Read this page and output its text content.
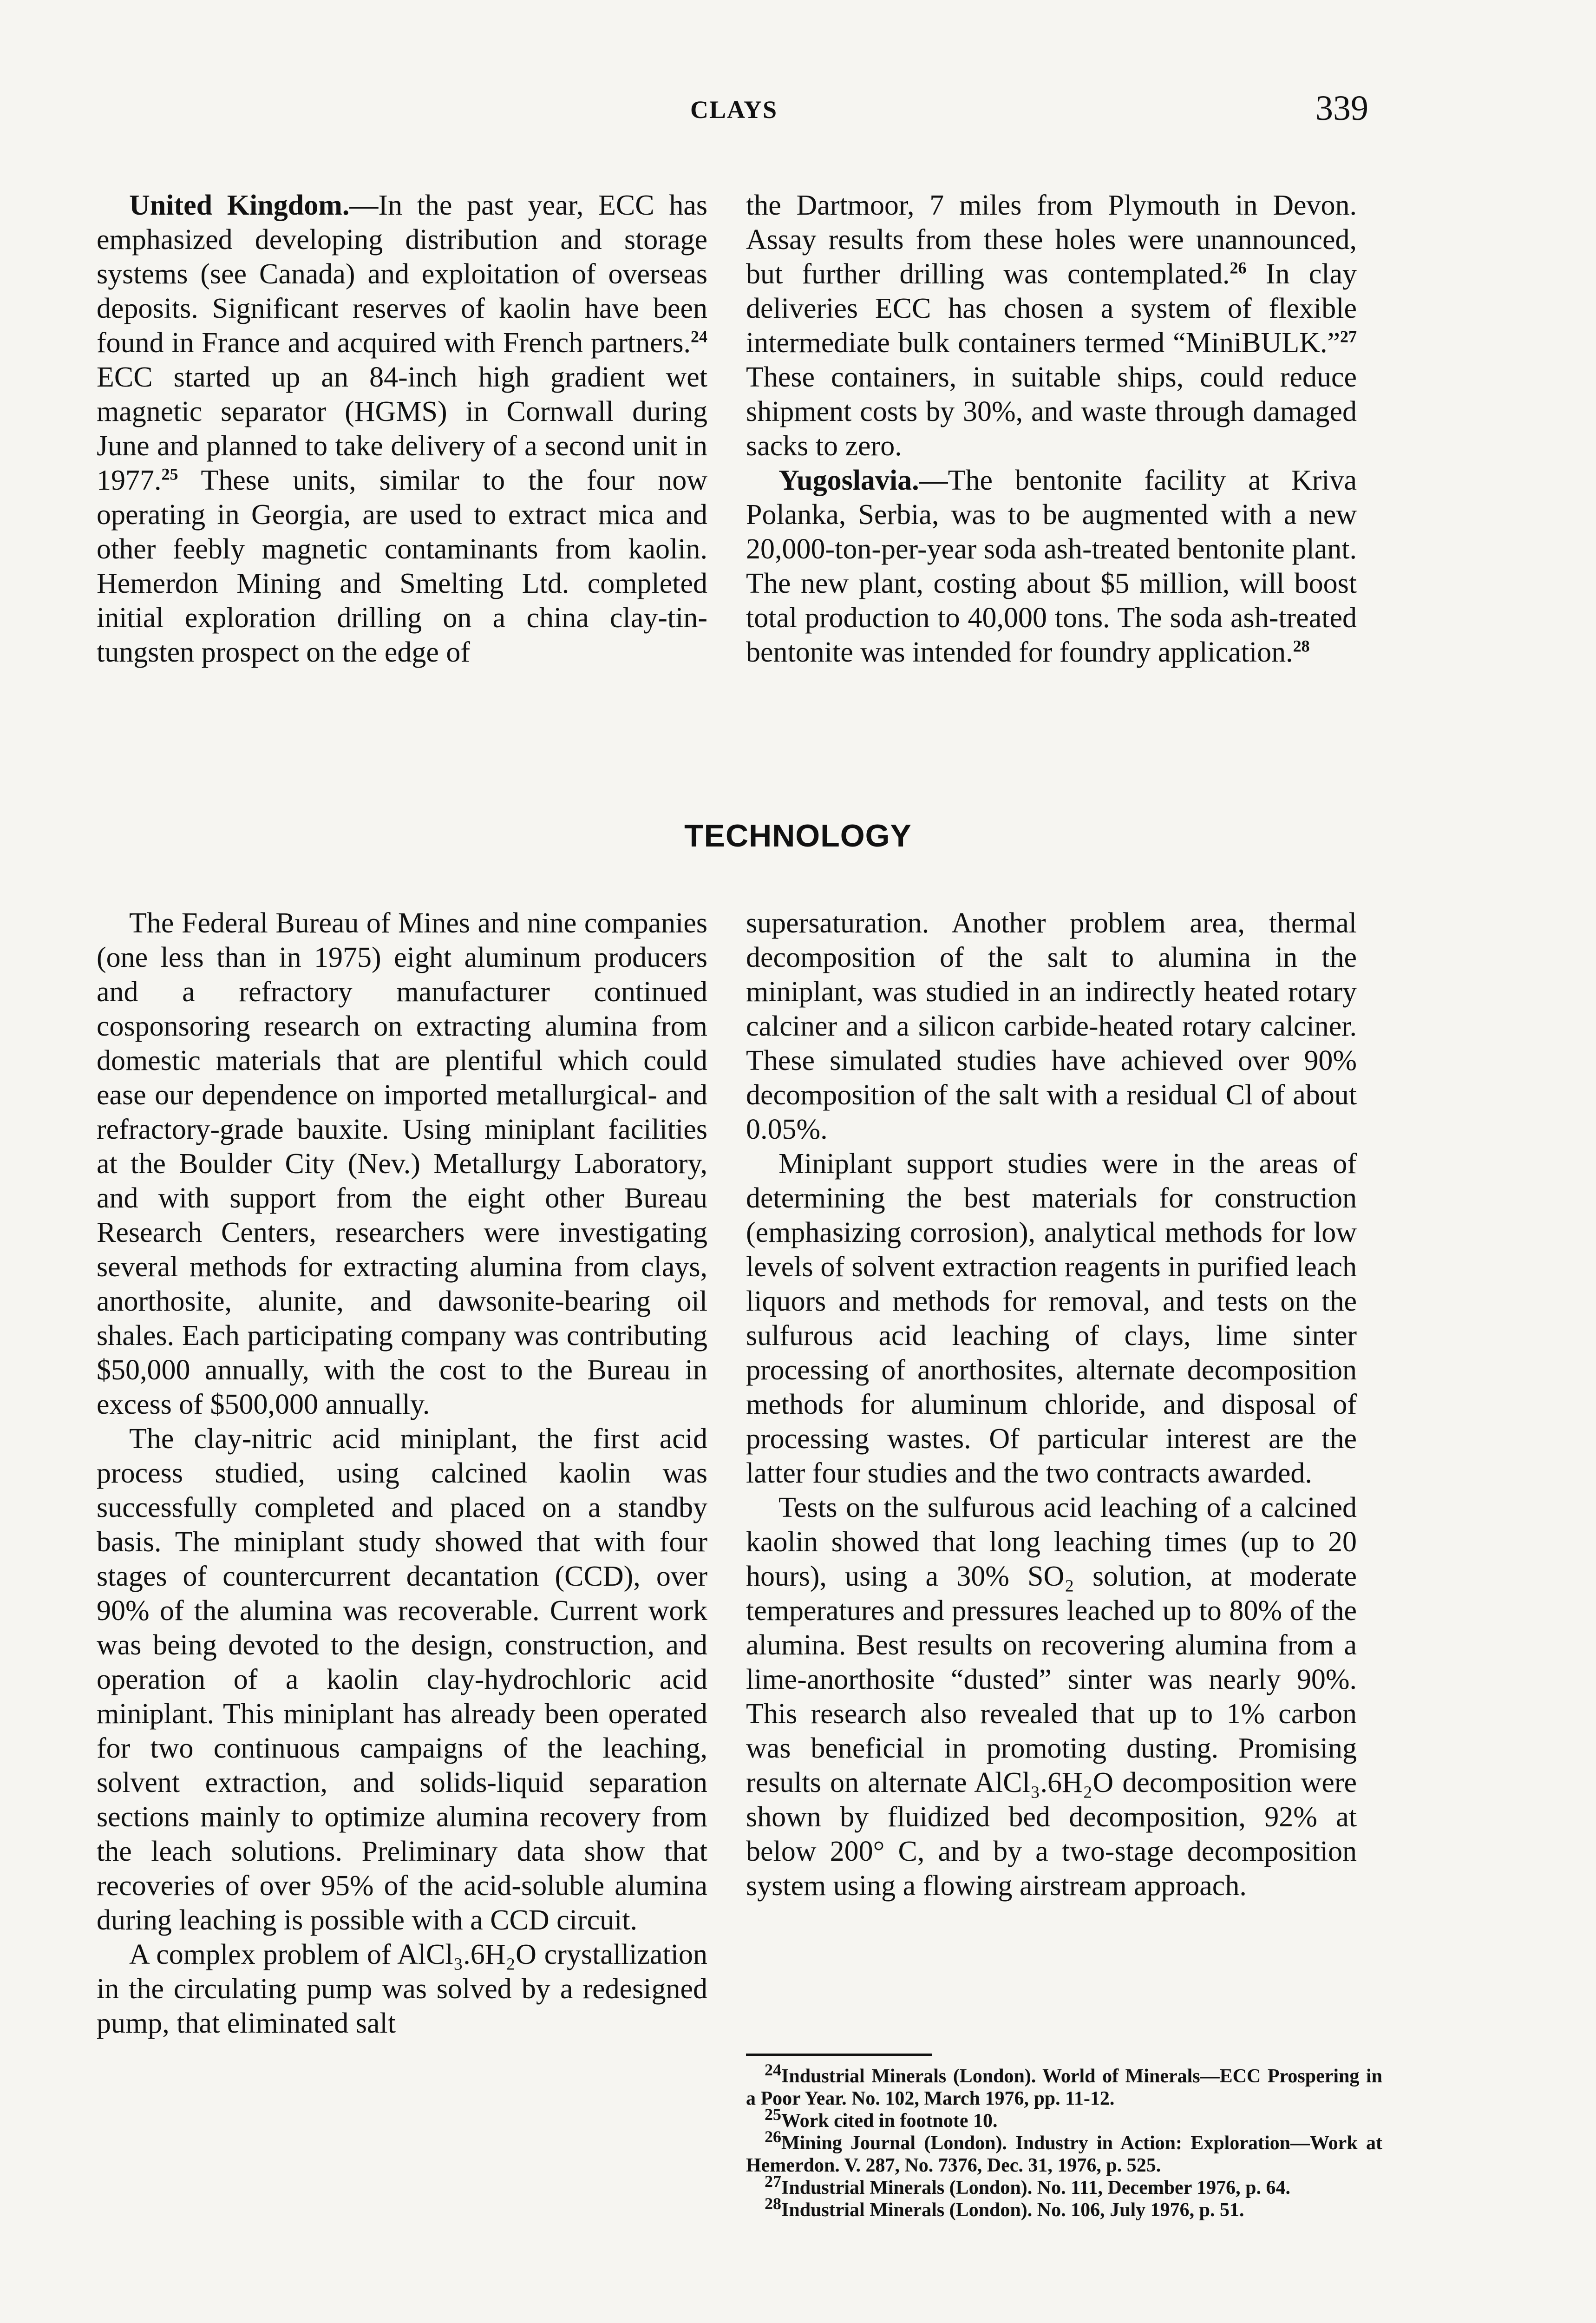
CLAYS	339

United Kingdom.—In the past year, ECC has emphasized developing distribution and storage systems (see Canada) and exploitation of overseas deposits. Significant reserves of kaolin have been found in France and acquired with French partners.$^{24}$ ECC started up an 84-inch high gradient wet magnetic separator (HGMS) in Cornwall during June and planned to take delivery of a second unit in 1977.25 These units, similar to the four now operating in Georgia, are used to extract mica and other feebly magnetic contaminants from kaolin. Hemerdon Mining and Smelting Ltd. completed initial exploration drilling on a china clay-tin-tungsten prospect on the edge of

the Dartmoor, 7 miles from Plymouth in Devon. Assay results from these holes were unannounced, but further drilling was contemplated.$^{26}$ In clay deliveries ECC has chosen a system of flexible intermediate bulk containers termed “MiniBULK.”$^{27}$ These containers, in suitable ships, could reduce shipment costs by 30%, and waste through damaged sacks to zero.

Yugoslavia.—The bentonite facility at Kriva Polanka, Serbia, was to be augmented with a new 20,000-ton-per-year soda ash-treated bentonite plant. The new plant, costing about $5 million, will boost total production to 40,000 tons. The soda ash-treated bentonite was intended for foundry application.$^{28}$

TECHNOLOGY

The Federal Bureau of Mines and nine companies (one less than in 1975) eight aluminum producers and a refractory manufacturer continued cosponsoring research on extracting alumina from domestic materials that are plentiful which could ease our dependence on imported metallurgical- and refractory-grade bauxite. Using miniplant facilities at the Boulder City (Nev.) Metallurgy Laboratory, and with support from the eight other Bureau Research Centers, researchers were investigating several methods for extracting alumina from clays, anorthosite, alunite, and dawsonite-bearing oil shales. Each participating company was contributing $50,000 annually, with the cost to the Bureau in excess of $500,000 annually.

The clay-nitric acid miniplant, the first acid process studied, using calcined kaolin was successfully completed and placed on a standby basis. The miniplant study showed that with four stages of countercurrent decantation (CCD), over 90% of the alumina was recoverable. Current work was being devoted to the design, construction, and operation of a kaolin clay-hydrochloric acid miniplant. This miniplant has already been operated for two continuous campaigns of the leaching, solvent extraction, and solids-liquid separation sections mainly to optimize alumina recovery from the leach solutions. Preliminary data show that recoveries of over 95% of the acid-soluble alumina during leaching is possible with a CCD circuit.

A complex problem of AlCl₃.6H₂O crystallization in the circulating pump was solved by a redesigned pump, that eliminated salt

supersaturation. Another problem area, thermal decomposition of the salt to alumina in the miniplant, was studied in an indirectly heated rotary calciner and a silicon carbide-heated rotary calciner. These simulated studies have achieved over 90% decomposition of the salt with a residual Cl of about 0.05%.

Miniplant support studies were in the areas of determining the best materials for construction (emphasizing corrosion), analytical methods for low levels of solvent extraction reagents in purified leach liquors and methods for removal, and tests on the sulfurous acid leaching of clays, lime sinter processing of anorthosites, alternate decomposition methods for aluminum chloride, and disposal of processing wastes. Of particular interest are the latter four studies and the two contracts awarded.

Tests on the sulfurous acid leaching of a calcined kaolin showed that long leaching times (up to 20 hours), using a 30% SO₂ solution, at moderate temperatures and pressures leached up to 80% of the alumina. Best results on recovering alumina from a lime-anorthosite “dusted” sinter was nearly 90%. This research also revealed that up to 1% carbon was beneficial in promoting dusting. Promising results on alternate AlCl₃.6H₂O decomposition were shown by fluidized bed decomposition, 92% at below 200° C, and by a two-stage decomposition system using a flowing airstream approach.

$^{24}$Industrial Minerals (London). World of Minerals—ECC Prospering in a Poor Year. No. 102, March 1976, pp. 11-12.

$^{25}$Work cited in footnote 10.

$^{26}$Mining Journal (London). Industry in Action: Exploration—Work at Hemerdon. V. 287, No. 7376, Dec. 31, 1976, p. 525.

$^{27}$Industrial Minerals (London). No. 111, December 1976, p. 64.

$^{28}$Industrial Minerals (London). No. 106, July 1976, p. 51.
